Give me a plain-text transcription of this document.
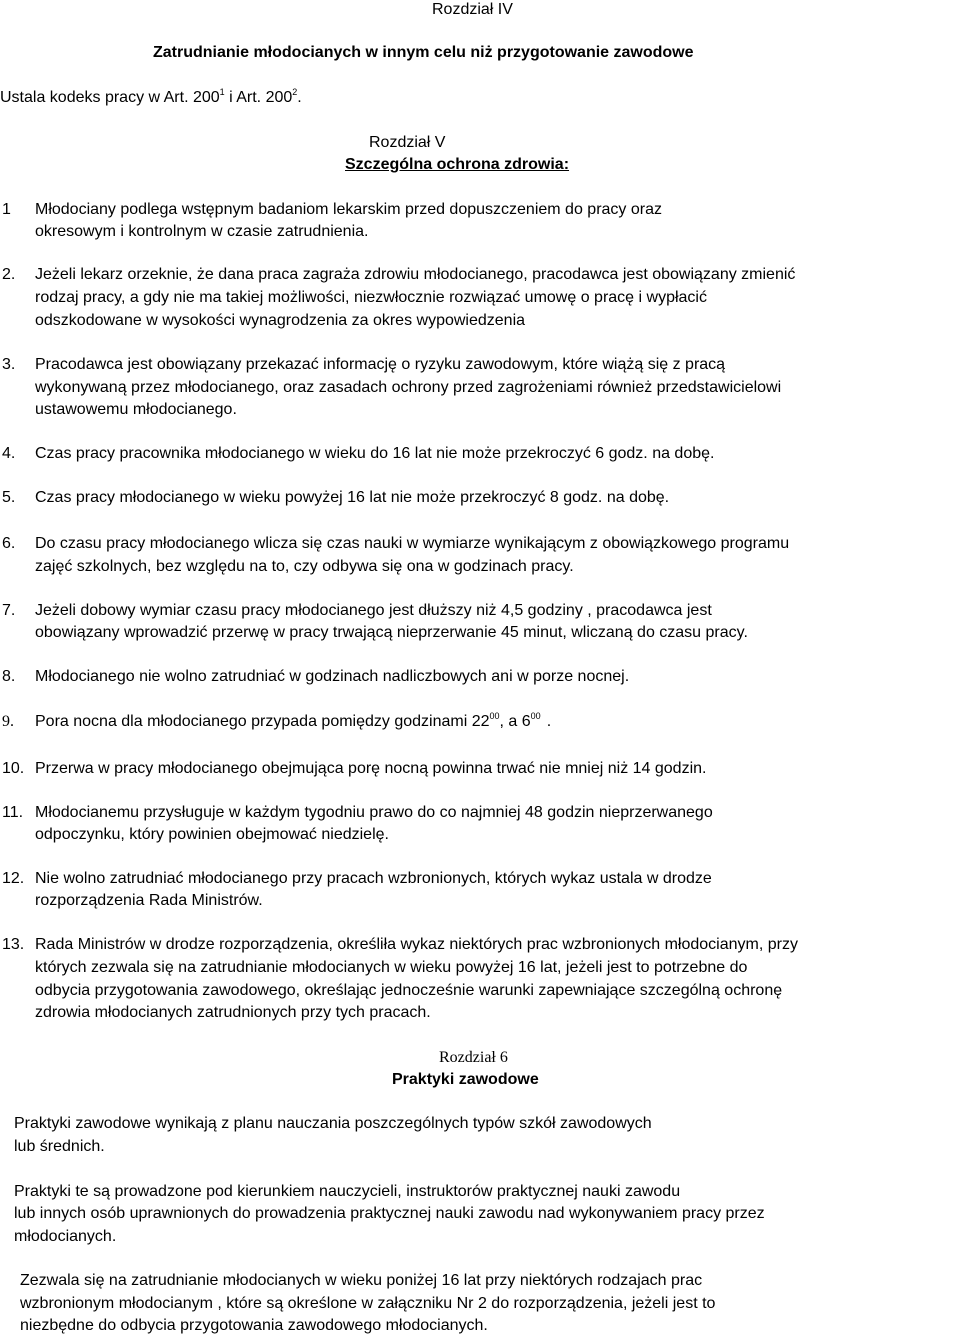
Rozdział IV
Zatrudnianie młodocianych w innym celu niż przygotowanie zawodowe
Ustala kodeks pracy w Art. $200^1$ i Art. $200^2$.
Rozdział V
Szczególna ochrona zdrowia:
1 Młodociany podlega wstępnym badaniom lekarskim przed dopuszczeniem do pracy oraz
okresowym i kontrolnym w czasie zatrudnienia.
2. Jeżeli lekarz orzeknie, że dana praca zagraża zdrowiu młodocianego, pracodawca jest obowiązany zmienić
rodzaj pracy, a gdy nie ma takiej możliwości, niezwłocznie rozwiązać umowę o pracę i wypłacić
odszkodowane w wysokości wynagrodzenia za okres wypowiedzenia
3. Pracodawca jest obowiązany przekazać informację o ryzyku zawodowym, które wiążą się z pracą
wykonywaną przez młodocianego, oraz zasadach ochrony przed zagrożeniami również przedstawicielowi
ustawowemu młodocianego.
4. Czas pracy pracownika młodocianego w wieku do 16 lat nie może przekroczyć 6 godz. na dobę.
5. Czas pracy młodocianego w wieku powyżej 16 lat nie może przekroczyć 8 godz. na dobę.
6. Do czasu pracy młodocianego wlicza się czas nauki w wymiarze wynikającym z obowiązkowego programu
zajęć szkolnych, bez względu na to, czy odbywa się ona w godzinach pracy.
7. Jeżeli dobowy wymiar czasu pracy młodocianego jest dłuższy niż 4,5 godziny , pracodawca jest
obowiązany wprowadzić przerwę w pracy trwającą nieprzerwanie 45 minut, wliczaną do czasu pracy.
8. Młodocianego nie wolno zatrudniać w godzinach nadliczbowych ani w porze nocnej.
9. Pora nocna dla młodocianego przypada pomiędzy godzinami $22^{00}$, a $6^{00}$ .
10. Przerwa w pracy młodocianego obejmująca porę nocną powinna trwać nie mniej niż 14 godzin.
11. Młodocianemu przysługuje w każdym tygodniu prawo do co najmniej 48 godzin nieprzerwanego
odpoczynku, który powinien obejmować niedzielę.
12. Nie wolno zatrudniać młodocianego przy pracach wzbronionych, których wykaz ustala w drodze
rozporządzenia Rada Ministrów.
13. Rada Ministrów w drodze rozporządzenia, określiła wykaz niektórych prac wzbronionych młodocianym, przy
których zezwala się na zatrudnianie młodocianych w wieku powyżej 16 lat, jeżeli jest to potrzebne do
odbycia przygotowania zawodowego, określając jednocześnie warunki zapewniające szczególną ochronę
zdrowia młodocianych zatrudnionych przy tych pracach.
Rozdział 6
Praktyki zawodowe
Praktyki zawodowe wynikają z planu nauczania poszczególnych typów szkół zawodowych
lub średnich.
Praktyki te są prowadzone pod kierunkiem nauczycieli, instruktorów praktycznej nauki zawodu
lub innych osób uprawnionych do prowadzenia praktycznej nauki zawodu nad wykonywaniem pracy przez
młodocianych.
Zezwala się na zatrudnianie młodocianych w wieku poniżej 16 lat przy niektórych rodzajach prac
wzbronionym młodocianym , które są określone w załączniku Nr 2 do rozporządzenia, jeżeli jest to
niezbędne do odbycia przygotowania zawodowego młodocianych.
